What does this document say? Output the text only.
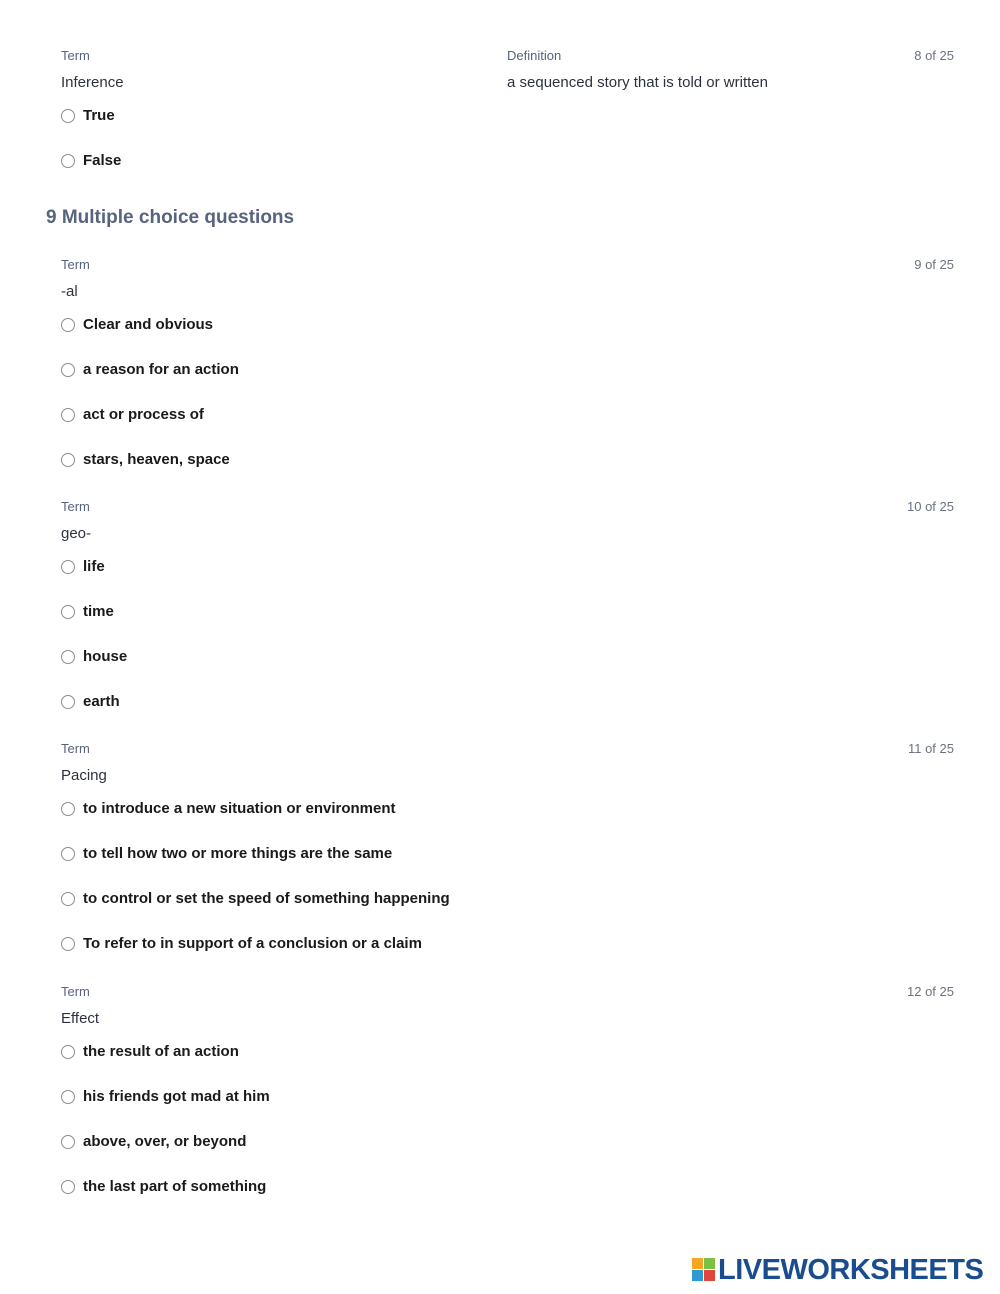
Term	Definition	8 of 25
Inference	a sequenced story that is told or written
True
False
9 Multiple choice questions
Term	9 of 25
-al
Clear and obvious
a reason for an action
act or process of
stars, heaven, space
Term	10 of 25
geo-
life
time
house
earth
Term	11 of 25
Pacing
to introduce a new situation or environment
to tell how two or more things are the same
to control or set the speed of something happening
To refer to in support of a conclusion or a claim
Term	12 of 25
Effect
the result of an action
his friends got mad at him
above, over, or beyond
the last part of something
LIVEWORKSHEETS
